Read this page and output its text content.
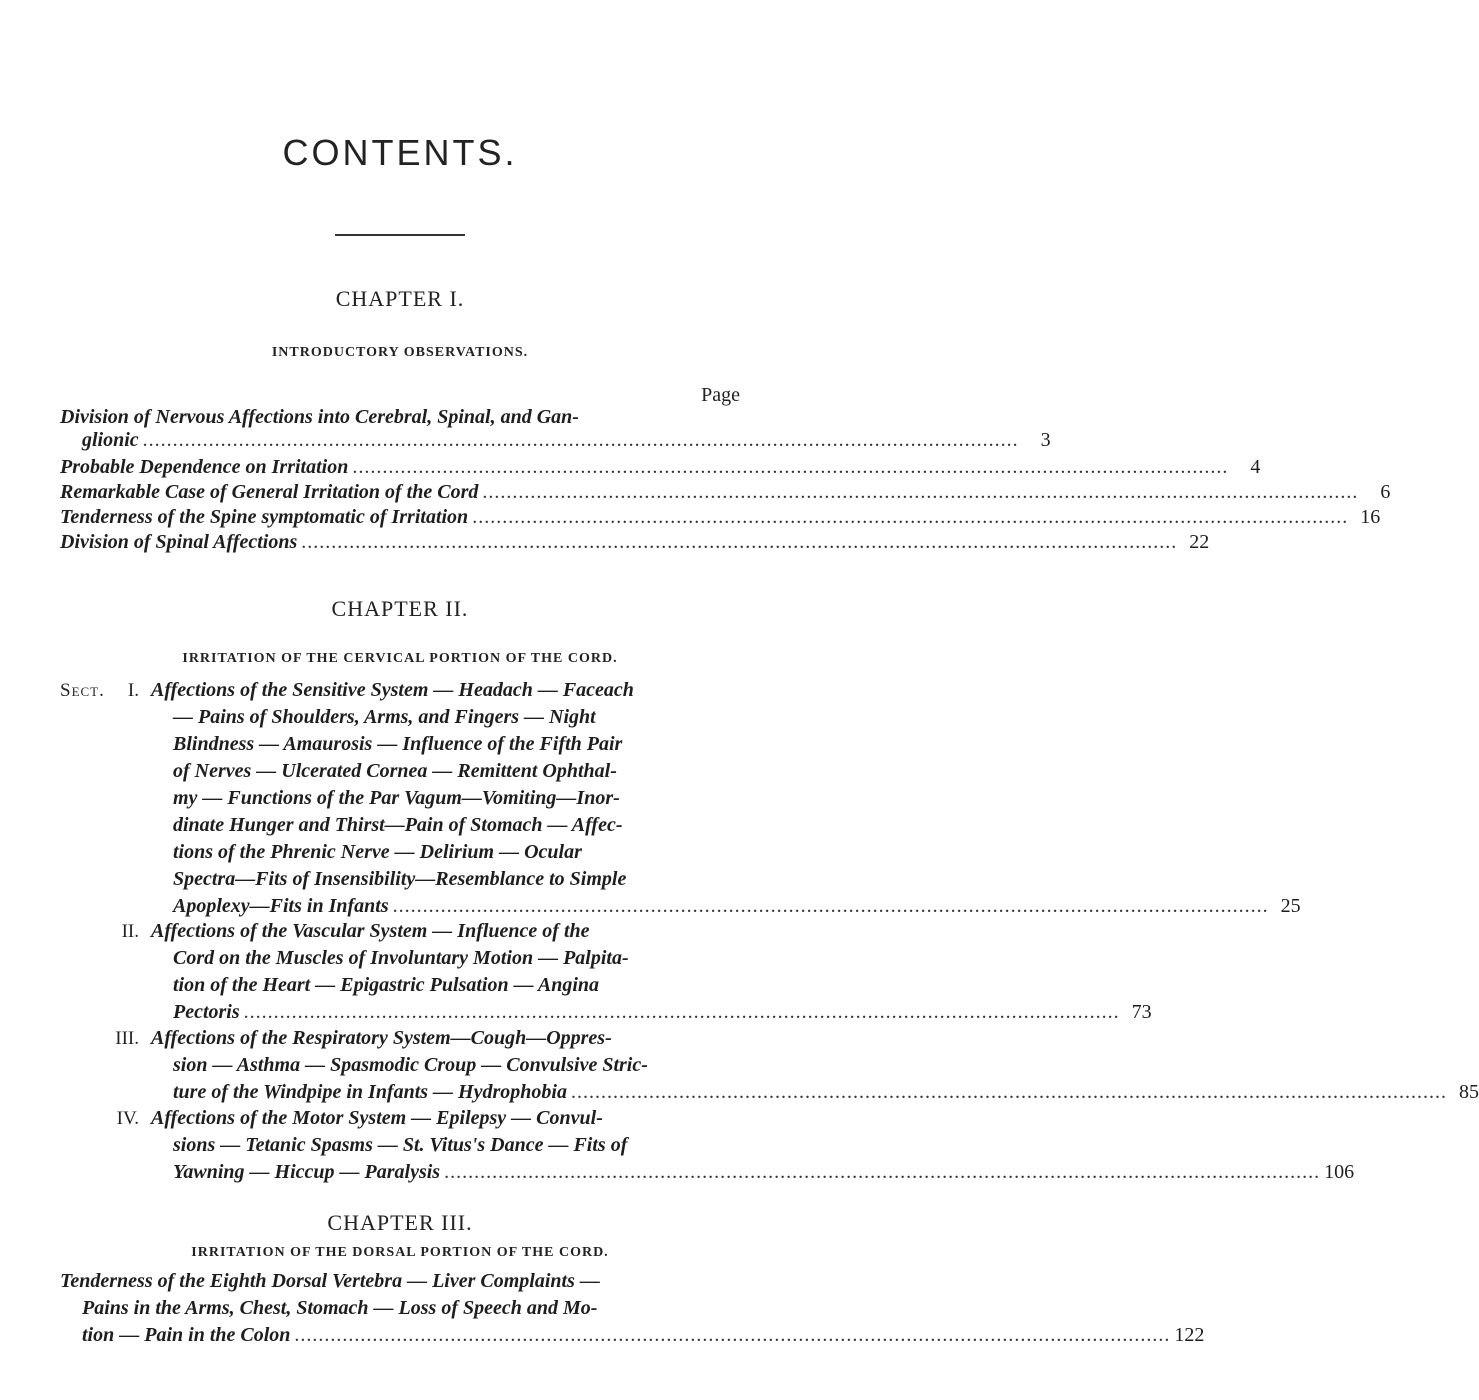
CONTENTS.
CHAPTER I.
INTRODUCTORY OBSERVATIONS.
Page
Division of Nervous Affections into Cerebral, Spinal, and Gan-
glionic ..................................................................................................................................................	3
Probable Dependence on Irritation ..................................................................................................................................................	4
Remarkable Case of General Irritation of the Cord ..................................................................................................................................................	6
Tenderness of the Spine symptomatic of Irritation .................................................................................................................................................. 16
Division of Spinal Affections .................................................................................................................................................. 22
CHAPTER II.
IRRITATION OF THE CERVICAL PORTION OF THE CORD.
Sect.	I. Affections of the Sensitive System — Headach — Faceach
— Pains of Shoulders, Arms, and Fingers — Night
Blindness — Amaurosis — Influence of the Fifth Pair
of Nerves — Ulcerated Cornea — Remittent Ophthal-
my — Functions of the Par Vagum—Vomiting—Inor-
dinate Hunger and Thirst—Pain of Stomach — Affec-
tions of the Phrenic Nerve — Delirium — Ocular
Spectra—Fits of Insensibility—Resemblance to Simple
Apoplexy—Fits in Infants .................................................................................................................................................. 25
II. Affections of the Vascular System — Influence of the
Cord on the Muscles of Involuntary Motion — Palpita-
tion of the Heart — Epigastric Pulsation — Angina
Pectoris .................................................................................................................................................. 73
III. Affections of the Respiratory System—Cough—Oppres-
sion — Asthma — Spasmodic Croup — Convulsive Stric-
ture of the Windpipe in Infants — Hydrophobia .................................................................................................................................................. 85
IV. Affections of the Motor System — Epilepsy — Convul-
sions — Tetanic Spasms — St. Vitus's Dance — Fits of
Yawning — Hiccup — Paralysis .................................................................................................................................................. 106
CHAPTER III.
IRRITATION OF THE DORSAL PORTION OF THE CORD.
Tenderness of the Eighth Dorsal Vertebra — Liver Complaints —
Pains in the Arms, Chest, Stomach — Loss of Speech and Mo-
tion — Pain in the Colon .................................................................................................................................................. 122
